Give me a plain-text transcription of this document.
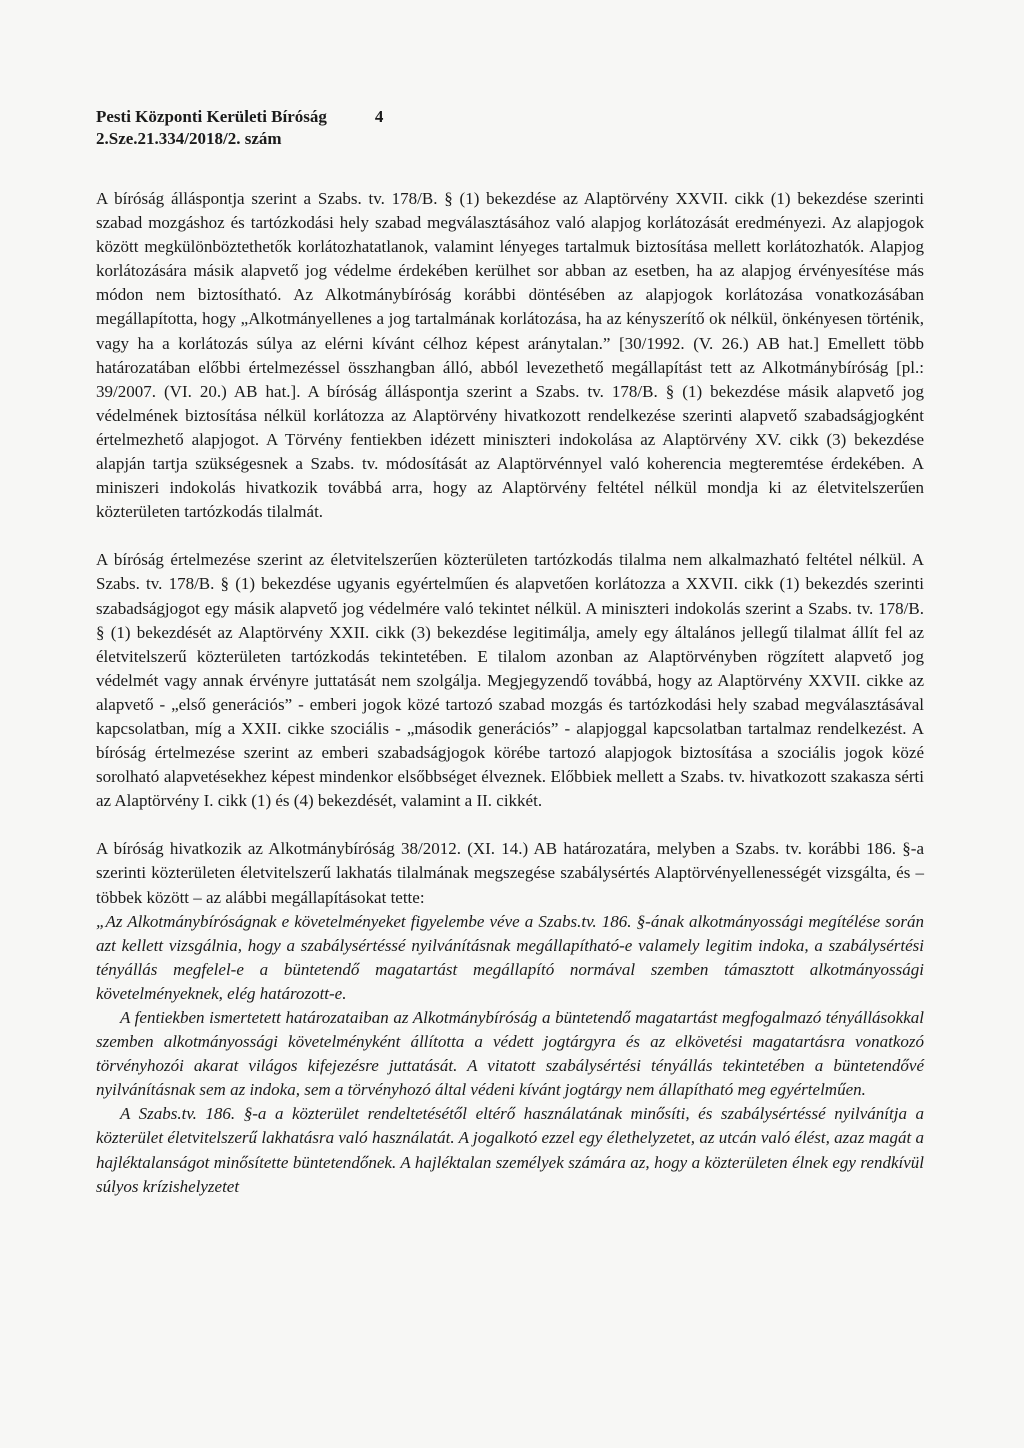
Pesti Központi Kerületi Bíróság	4
2.Sze.21.334/2018/2. szám

A bíróság álláspontja szerint a Szabs. tv. 178/B. § (1) bekezdése az Alaptörvény XXVII. cikk (1) bekezdése szerinti szabad mozgáshoz és tartózkodási hely szabad megválasztásához való alapjog korlátozását eredményezi. Az alapjogok között megkülönböztethetők korlátozhatatlanok, valamint lényeges tartalmuk biztosítása mellett korlátozhatók. Alapjog korlátozására másik alapvető jog védelme érdekében kerülhet sor abban az esetben, ha az alapjog érvényesítése más módon nem biztosítható. Az Alkotmánybíróság korábbi döntésében az alapjogok korlátozása vonatkozásában megállapította, hogy „Alkotmányellenes a jog tartalmának korlátozása, ha az kényszerítő ok nélkül, önkényesen történik, vagy ha a korlátozás súlya az elérni kívánt célhoz képest aránytalan.” [30/1992. (V. 26.) AB hat.] Emellett több határozatában előbbi értelmezéssel összhangban álló, abból levezethető megállapítást tett az Alkotmánybíróság [pl.: 39/2007. (VI. 20.) AB hat.]. A bíróság álláspontja szerint a Szabs. tv. 178/B. § (1) bekezdése másik alapvető jog védelmének biztosítása nélkül korlátozza az Alaptörvény hivatkozott rendelkezése szerinti alapvető szabadságjogként értelmezhető alapjogot. A Törvény fentiekben idézett miniszteri indokolása az Alaptörvény XV. cikk (3) bekezdése alapján tartja szükségesnek a Szabs. tv. módosítását az Alaptörvénnyel való koherencia megteremtése érdekében. A miniszeri indokolás hivatkozik továbbá arra, hogy az Alaptörvény feltétel nélkül mondja ki az életvitelszerűen közterületen tartózkodás tilalmát.

A bíróság értelmezése szerint az életvitelszerűen közterületen tartózkodás tilalma nem alkalmazható feltétel nélkül. A Szabs. tv. 178/B. § (1) bekezdése ugyanis egyértelműen és alapvetően korlátozza a XXVII. cikk (1) bekezdés szerinti szabadságjogot egy másik alapvető jog védelmére való tekintet nélkül. A miniszteri indokolás szerint a Szabs. tv. 178/B. § (1) bekezdését az Alaptörvény XXII. cikk (3) bekezdése legitimálja, amely egy általános jellegű tilalmat állít fel az életvitelszerű közterületen tartózkodás tekintetében. E tilalom azonban az Alaptörvényben rögzített alapvető jog védelmét vagy annak érvényre juttatását nem szolgálja. Megjegyzendő továbbá, hogy az Alaptörvény XXVII. cikke az alapvető - „első generációs” - emberi jogok közé tartozó szabad mozgás és tartózkodási hely szabad megválasztásával kapcsolatban, míg a XXII. cikke szociális - „második generációs” - alapjoggal kapcsolatban tartalmaz rendelkezést. A bíróság értelmezése szerint az emberi szabadságjogok körébe tartozó alapjogok biztosítása a szociális jogok közé sorolható alapvetésekhez képest mindenkor elsőbbséget élveznek. Előbbiek mellett a Szabs. tv. hivatkozott szakasza sérti az Alaptörvény I. cikk (1) és (4) bekezdését, valamint a II. cikkét.

A bíróság hivatkozik az Alkotmánybíróság 38/2012. (XI. 14.) AB határozatára, melyben a Szabs. tv. korábbi 186. §-a szerinti közterületen életvitelszerű lakhatás tilalmának megszegése szabálysértés Alaptörvényellenességét vizsgálta, és – többek között – az alábbi megállapításokat tette:

„Az Alkotmánybíróságnak e követelményeket figyelembe véve a Szabs.tv. 186. §-ának alkotmányossági megítélése során azt kellett vizsgálnia, hogy a szabálysértéssé nyilvánításnak megállapítható-e valamely legitim indoka, a szabálysértési tényállás megfelel-e a büntetendő magatartást megállapító normával szemben támasztott alkotmányossági követelményeknek, elég határozott-e.

A fentiekben ismertetett határozataiban az Alkotmánybíróság a büntetendő magatartást megfogalmazó tényállásokkal szemben alkotmányossági követelményként állította a védett jogtárgyra és az elkövetési magatartásra vonatkozó törvényhozói akarat világos kifejezésre juttatását. A vitatott szabálysértési tényállás tekintetében a büntetendővé nyilvánításnak sem az indoka, sem a törvényhozó által védeni kívánt jogtárgy nem állapítható meg egyértelműen.

A Szabs.tv. 186. §-a a közterület rendeltetésétől eltérő használatának minősíti, és szabálysértéssé nyilvánítja a közterület életvitelszerű lakhatásra való használatát. A jogalkotó ezzel egy élethelyzetet, az utcán való élést, azaz magát a hajléktalanságot minősítette büntetendőnek. A hajléktalan személyek számára az, hogy a közterületen élnek egy rendkívül súlyos krízishelyzetet
